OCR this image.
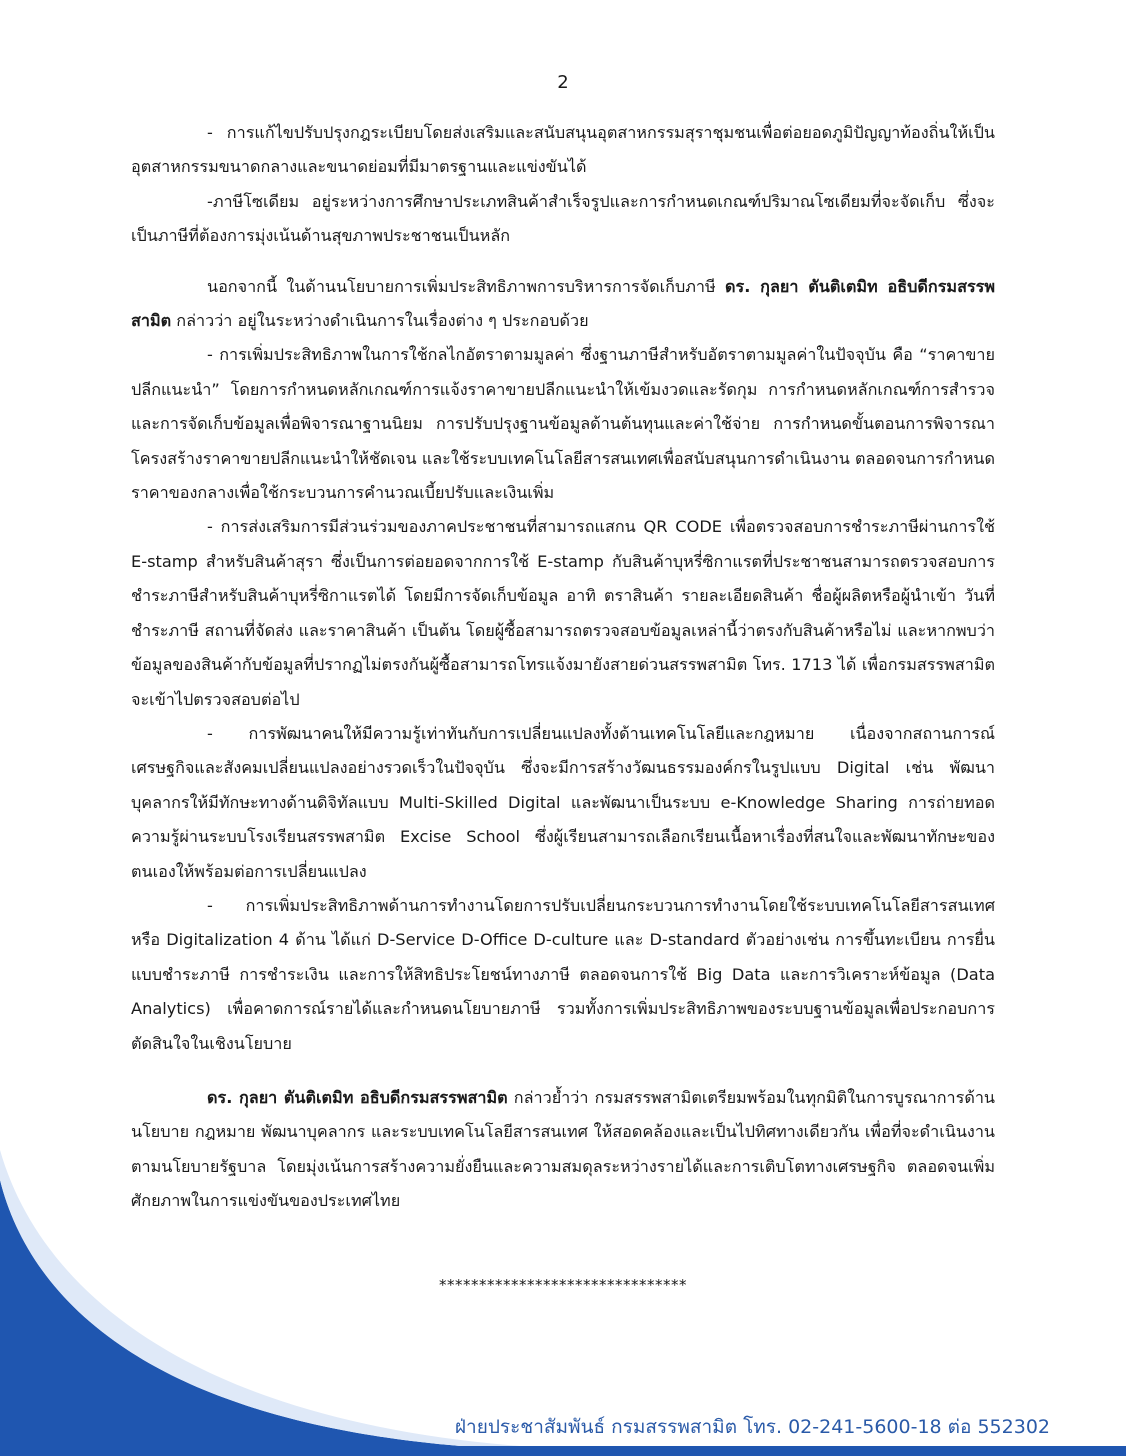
2

- การแก้ไขปรับปรุงกฎระเบียบโดยส่งเสริมและสนับสนุนอุตสาหกรรมสุราชุมชนเพื่อต่อยอดภูมิปัญญาท้องถิ่นให้เป็นอุตสาหกรรมขนาดกลางและขนาดย่อมที่มีมาตรฐานและแข่งขันได้

-ภาษีโซเดียม อยู่ระหว่างการศึกษาประเภทสินค้าสำเร็จรูปและการกำหนดเกณฑ์ปริมาณโซเดียมที่จะจัดเก็บ ซึ่งจะเป็นภาษีที่ต้องการมุ่งเน้นด้านสุขภาพประชาชนเป็นหลัก

นอกจากนี้ ในด้านนโยบายการเพิ่มประสิทธิภาพการบริหารการจัดเก็บภาษี ดร. กุลยา ตันติเตมิท อธิบดีกรมสรรพสามิต กล่าวว่า อยู่ในระหว่างดำเนินการในเรื่องต่าง ๆ ประกอบด้วย

- การเพิ่มประสิทธิภาพในการใช้กลไกอัตราตามมูลค่า ซึ่งฐานภาษีสำหรับอัตราตามมูลค่าในปัจจุบัน คือ “ราคาขายปลีกแนะนำ” โดยการกำหนดหลักเกณฑ์การแจ้งราคาขายปลีกแนะนำให้เข้มงวดและรัดกุม การกำหนดหลักเกณฑ์การสำรวจและการจัดเก็บข้อมูลเพื่อพิจารณาฐานนิยม การปรับปรุงฐานข้อมูลด้านต้นทุนและค่าใช้จ่าย การกำหนดขั้นตอนการพิจารณาโครงสร้างราคาขายปลีกแนะนำให้ชัดเจน และใช้ระบบเทคโนโลยีสารสนเทศเพื่อสนับสนุนการดำเนินงาน ตลอดจนการกำหนดราคาของกลางเพื่อใช้กระบวนการคำนวณเบี้ยปรับและเงินเพิ่ม

- การส่งเสริมการมีส่วนร่วมของภาคประชาชนที่สามารถแสกน QR CODE เพื่อตรวจสอบการชำระภาษีผ่านการใช้ E-stamp สำหรับสินค้าสุรา ซึ่งเป็นการต่อยอดจากการใช้ E-stamp กับสินค้าบุหรี่ซิกาแรตที่ประชาชนสามารถตรวจสอบการชำระภาษีสำหรับสินค้าบุหรี่ซิกาแรตได้ โดยมีการจัดเก็บข้อมูล อาทิ ตราสินค้า รายละเอียดสินค้า ชื่อผู้ผลิตหรือผู้นำเข้า วันที่ชำระภาษี สถานที่จัดส่ง และราคาสินค้า เป็นต้น โดยผู้ซื้อสามารถตรวจสอบข้อมูลเหล่านี้ว่าตรงกับสินค้าหรือไม่ และหากพบว่า ข้อมูลของสินค้ากับข้อมูลที่ปรากฏไม่ตรงกันผู้ซื้อสามารถโทรแจ้งมายังสายด่วนสรรพสามิต โทร. 1713 ได้ เพื่อกรมสรรพสามิตจะเข้าไปตรวจสอบต่อไป

- การพัฒนาคนให้มีความรู้เท่าทันกับการเปลี่ยนแปลงทั้งด้านเทคโนโลยีและกฎหมาย เนื่องจากสถานการณ์เศรษฐกิจและสังคมเปลี่ยนแปลงอย่างรวดเร็วในปัจจุบัน ซึ่งจะมีการสร้างวัฒนธรรมองค์กรในรูปแบบ Digital เช่น พัฒนาบุคลากรให้มีทักษะทางด้านดิจิทัลแบบ Multi-Skilled Digital และพัฒนาเป็นระบบ e-Knowledge Sharing การถ่ายทอดความรู้ผ่านระบบโรงเรียนสรรพสามิต Excise School ซึ่งผู้เรียนสามารถเลือกเรียนเนื้อหาเรื่องที่สนใจและพัฒนาทักษะของตนเองให้พร้อมต่อการเปลี่ยนแปลง

- การเพิ่มประสิทธิภาพด้านการทำงานโดยการปรับเปลี่ยนกระบวนการทำงานโดยใช้ระบบเทคโนโลยีสารสนเทศ หรือ Digitalization 4 ด้าน ได้แก่ D-Service D-Office D-culture และ D-standard ตัวอย่างเช่น การขึ้นทะเบียน การยื่นแบบชำระภาษี การชำระเงิน และการให้สิทธิประโยชน์ทางภาษี ตลอดจนการใช้ Big Data และการวิเคราะห์ข้อมูล (Data Analytics) เพื่อคาดการณ์รายได้และกำหนดนโยบายภาษี รวมทั้งการเพิ่มประสิทธิภาพของระบบฐานข้อมูลเพื่อประกอบการตัดสินใจในเชิงนโยบาย

ดร. กุลยา ตันติเตมิท อธิบดีกรมสรรพสามิต กล่าวย้ำว่า กรมสรรพสามิตเตรียมพร้อมในทุกมิติในการบูรณาการด้านนโยบาย กฎหมาย พัฒนาบุคลากร และระบบเทคโนโลยีสารสนเทศ ให้สอดคล้องและเป็นไปทิศทางเดียวกัน เพื่อที่จะดำเนินงานตามนโยบายรัฐบาล โดยมุ่งเน้นการสร้างความยั่งยืนและความสมดุลระหว่างรายได้และการเติบโตทางเศรษฐกิจ ตลอดจนเพิ่มศักยภาพในการแข่งขันของประเทศไทย

*******************************
ฝ่ายประชาสัมพันธ์ กรมสรรพสามิต โทร. 02-241-5600-18 ต่อ 552302
